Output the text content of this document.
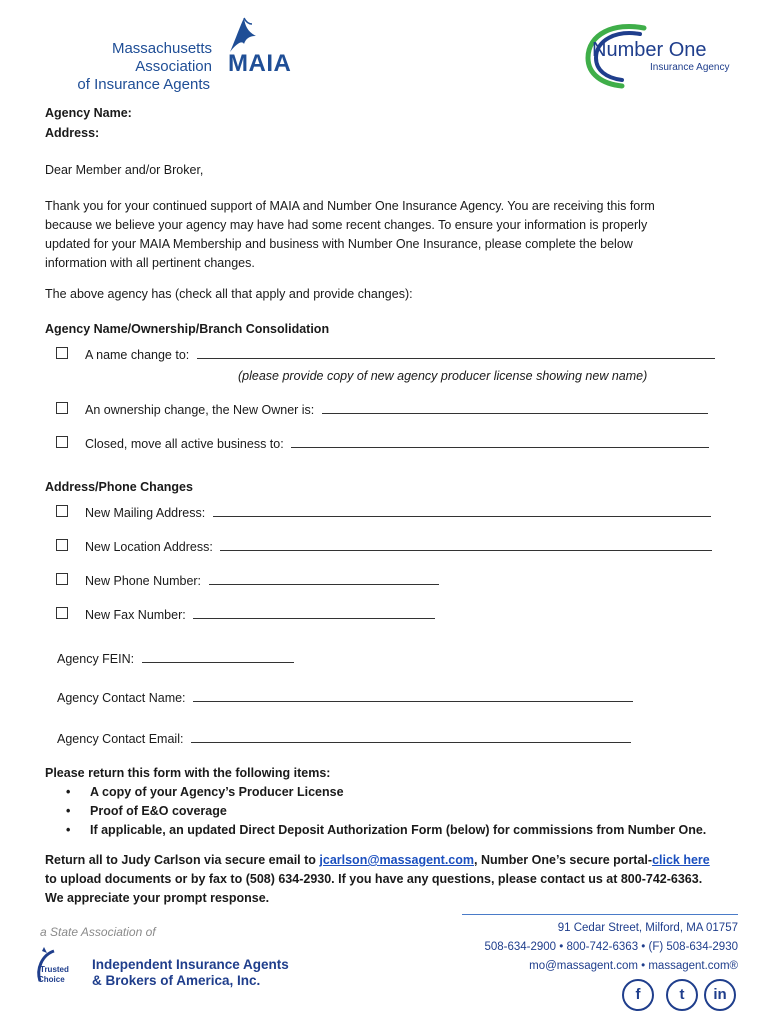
Massachusetts Association
of Insurance Agents
MAIA	Number One
Insurance Agency
Agency Name:
Address:
Dear Member and/or Broker,
Thank you for your continued support of MAIA and Number One Insurance Agency. You are receiving this form
because we believe your agency may have had some recent changes. To ensure your information is properly
updated for your MAIA Membership and business with Number One Insurance, please complete the below
information with all pertinent changes.
The above agency has (check all that apply and provide changes):
Agency Name/Ownership/Branch Consolidation
A name change to:
(please provide copy of new agency producer license showing new name)
An ownership change, the New Owner is:
Closed, move all active business to:
Address/Phone Changes
New Mailing Address:
New Location Address:
New Phone Number:
New Fax Number:
Agency FEIN:
Agency Contact Name:
Agency Contact Email:
Please return this form with the following items:
• A copy of your Agency’s Producer License
• Proof of E&O coverage
• If applicable, an updated Direct Deposit Authorization Form (below) for commissions from Number One.
Return all to Judy Carlson via secure email to jcarlson@massagent.com, Number One’s secure portal-click here
to upload documents or by fax to (508) 634-2930. If you have any questions, please contact us at 800-742-6363.
We appreciate your prompt response.
a State Association of
Trusted
Choice
Independent Insurance Agents
& Brokers of America, Inc.
91 Cedar Street, Milford, MA 01757
508-634-2900 • 800-742-6363 • (F) 508-634-2930
mo@massagent.com • massagent.com®
f	t	in
